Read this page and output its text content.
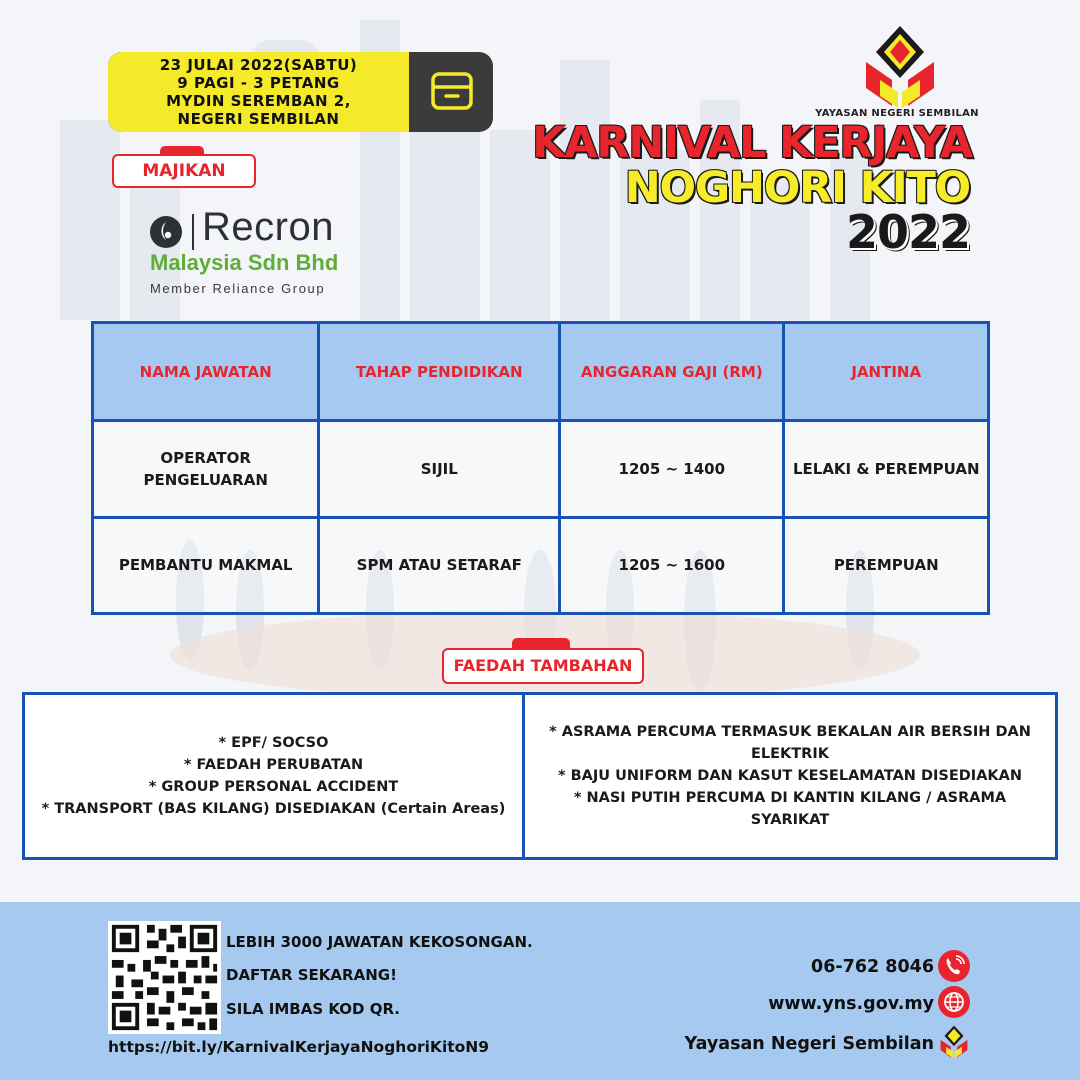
23 JULAI 2022(SABTU)
9 PAGI - 3 PETANG
MYDIN SEREMBAN 2,
NEGERI SEMBILAN	YAYASAN NEGERI SEMBILAN
KARNIVAL KERJAYA
NOGHORI KITO
2022
MAJIKAN
Recron
Malaysia Sdn Bhd
Member Reliance Group
NAMA JAWATAN	TAHAP PENDIDIKAN	ANGGARAN GAJI (RM)	JANTINA
OPERATOR PENGELUARAN	SIJIL	1205 ~ 1400	LELAKI & PEREMPUAN
PEMBANTU MAKMAL	SPM ATAU SETARAF	1205 ~ 1600	PEREMPUAN
FAEDAH TAMBAHAN
* EPF/ SOCSO
* FAEDAH PERUBATAN
* GROUP PERSONAL ACCIDENT
* TRANSPORT (BAS KILANG) DISEDIAKAN (Certain Areas)
* ASRAMA PERCUMA TERMASUK BEKALAN AIR BERSIH DAN ELEKTRIK
* BAJU UNIFORM DAN KASUT KESELAMATAN DISEDIAKAN
* NASI PUTIH PERCUMA DI KANTIN KILANG / ASRAMA SYARIKAT
LEBIH 3000 JAWATAN KEKOSONGAN.
DAFTAR SEKARANG!
SILA IMBAS KOD QR.
https://bit.ly/KarnivalKerjayaNoghoriKitoN9
06-762 8046
www.yns.gov.my
Yayasan Negeri Sembilan
